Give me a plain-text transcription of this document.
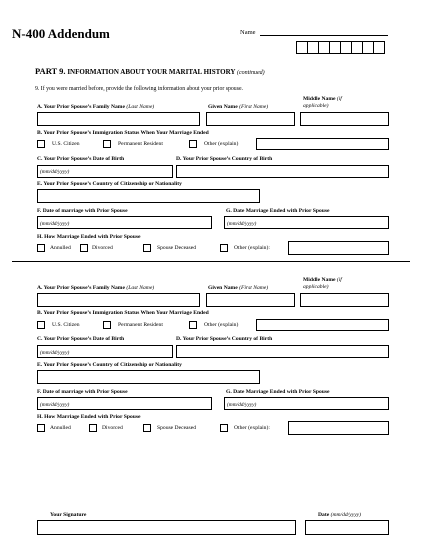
N-400 Addendum	Name
PART 9. INFORMATION ABOUT YOUR MARITAL HISTORY (continued)
9. If you were married before, provide the following information about your prior spouse.
A. Your Prior Spouse’s Family Name (Last Name)	Given Name (First Name)
Middle Name (if
applicable)
B. Your Prior Spouse’s Immigration Status When Your Marriage Ended
U.S. Citizen	Permanent Resident	Other (explain)
C. Your Prior Spouse’s Date of Birth	D. Your Prior Spouse’s Country of Birth
(mm/dd/yyyy)
E. Your Prior Spouse’s Country of Citizenship or Nationality
F. Date of marriage with Prior Spouse	G. Date Marriage Ended with Prior Spouse
(mm/dd/yyyy)	(mm/dd/yyyy)
H. How Marriage Ended with Prior Spouse
Annulled	Divorced	Spouse Deceased	Other (explain):
A. Your Prior Spouse’s Family Name (Last Name)	Given Name (First Name)
Middle Name (if
applicable)
B. Your Prior Spouse’s Immigration Status When Your Marriage Ended
U.S. Citizen	Permanent Resident	Other (explain)
C. Your Prior Spouse’s Date of Birth	D. Your Prior Spouse’s Country of Birth
(mm/dd/yyyy)
E. Your Prior Spouse’s Country of Citizenship or Nationality
F. Date of marriage with Prior Spouse	G. Date Marriage Ended with Prior Spouse
(mm/dd/yyyy)	(mm/dd/yyyy)
H. How Marriage Ended with Prior Spouse
Annulled	Divorced	Spouse Deceased	Other (explain):
Your Signature	Date (mm/dd/yyyy)
